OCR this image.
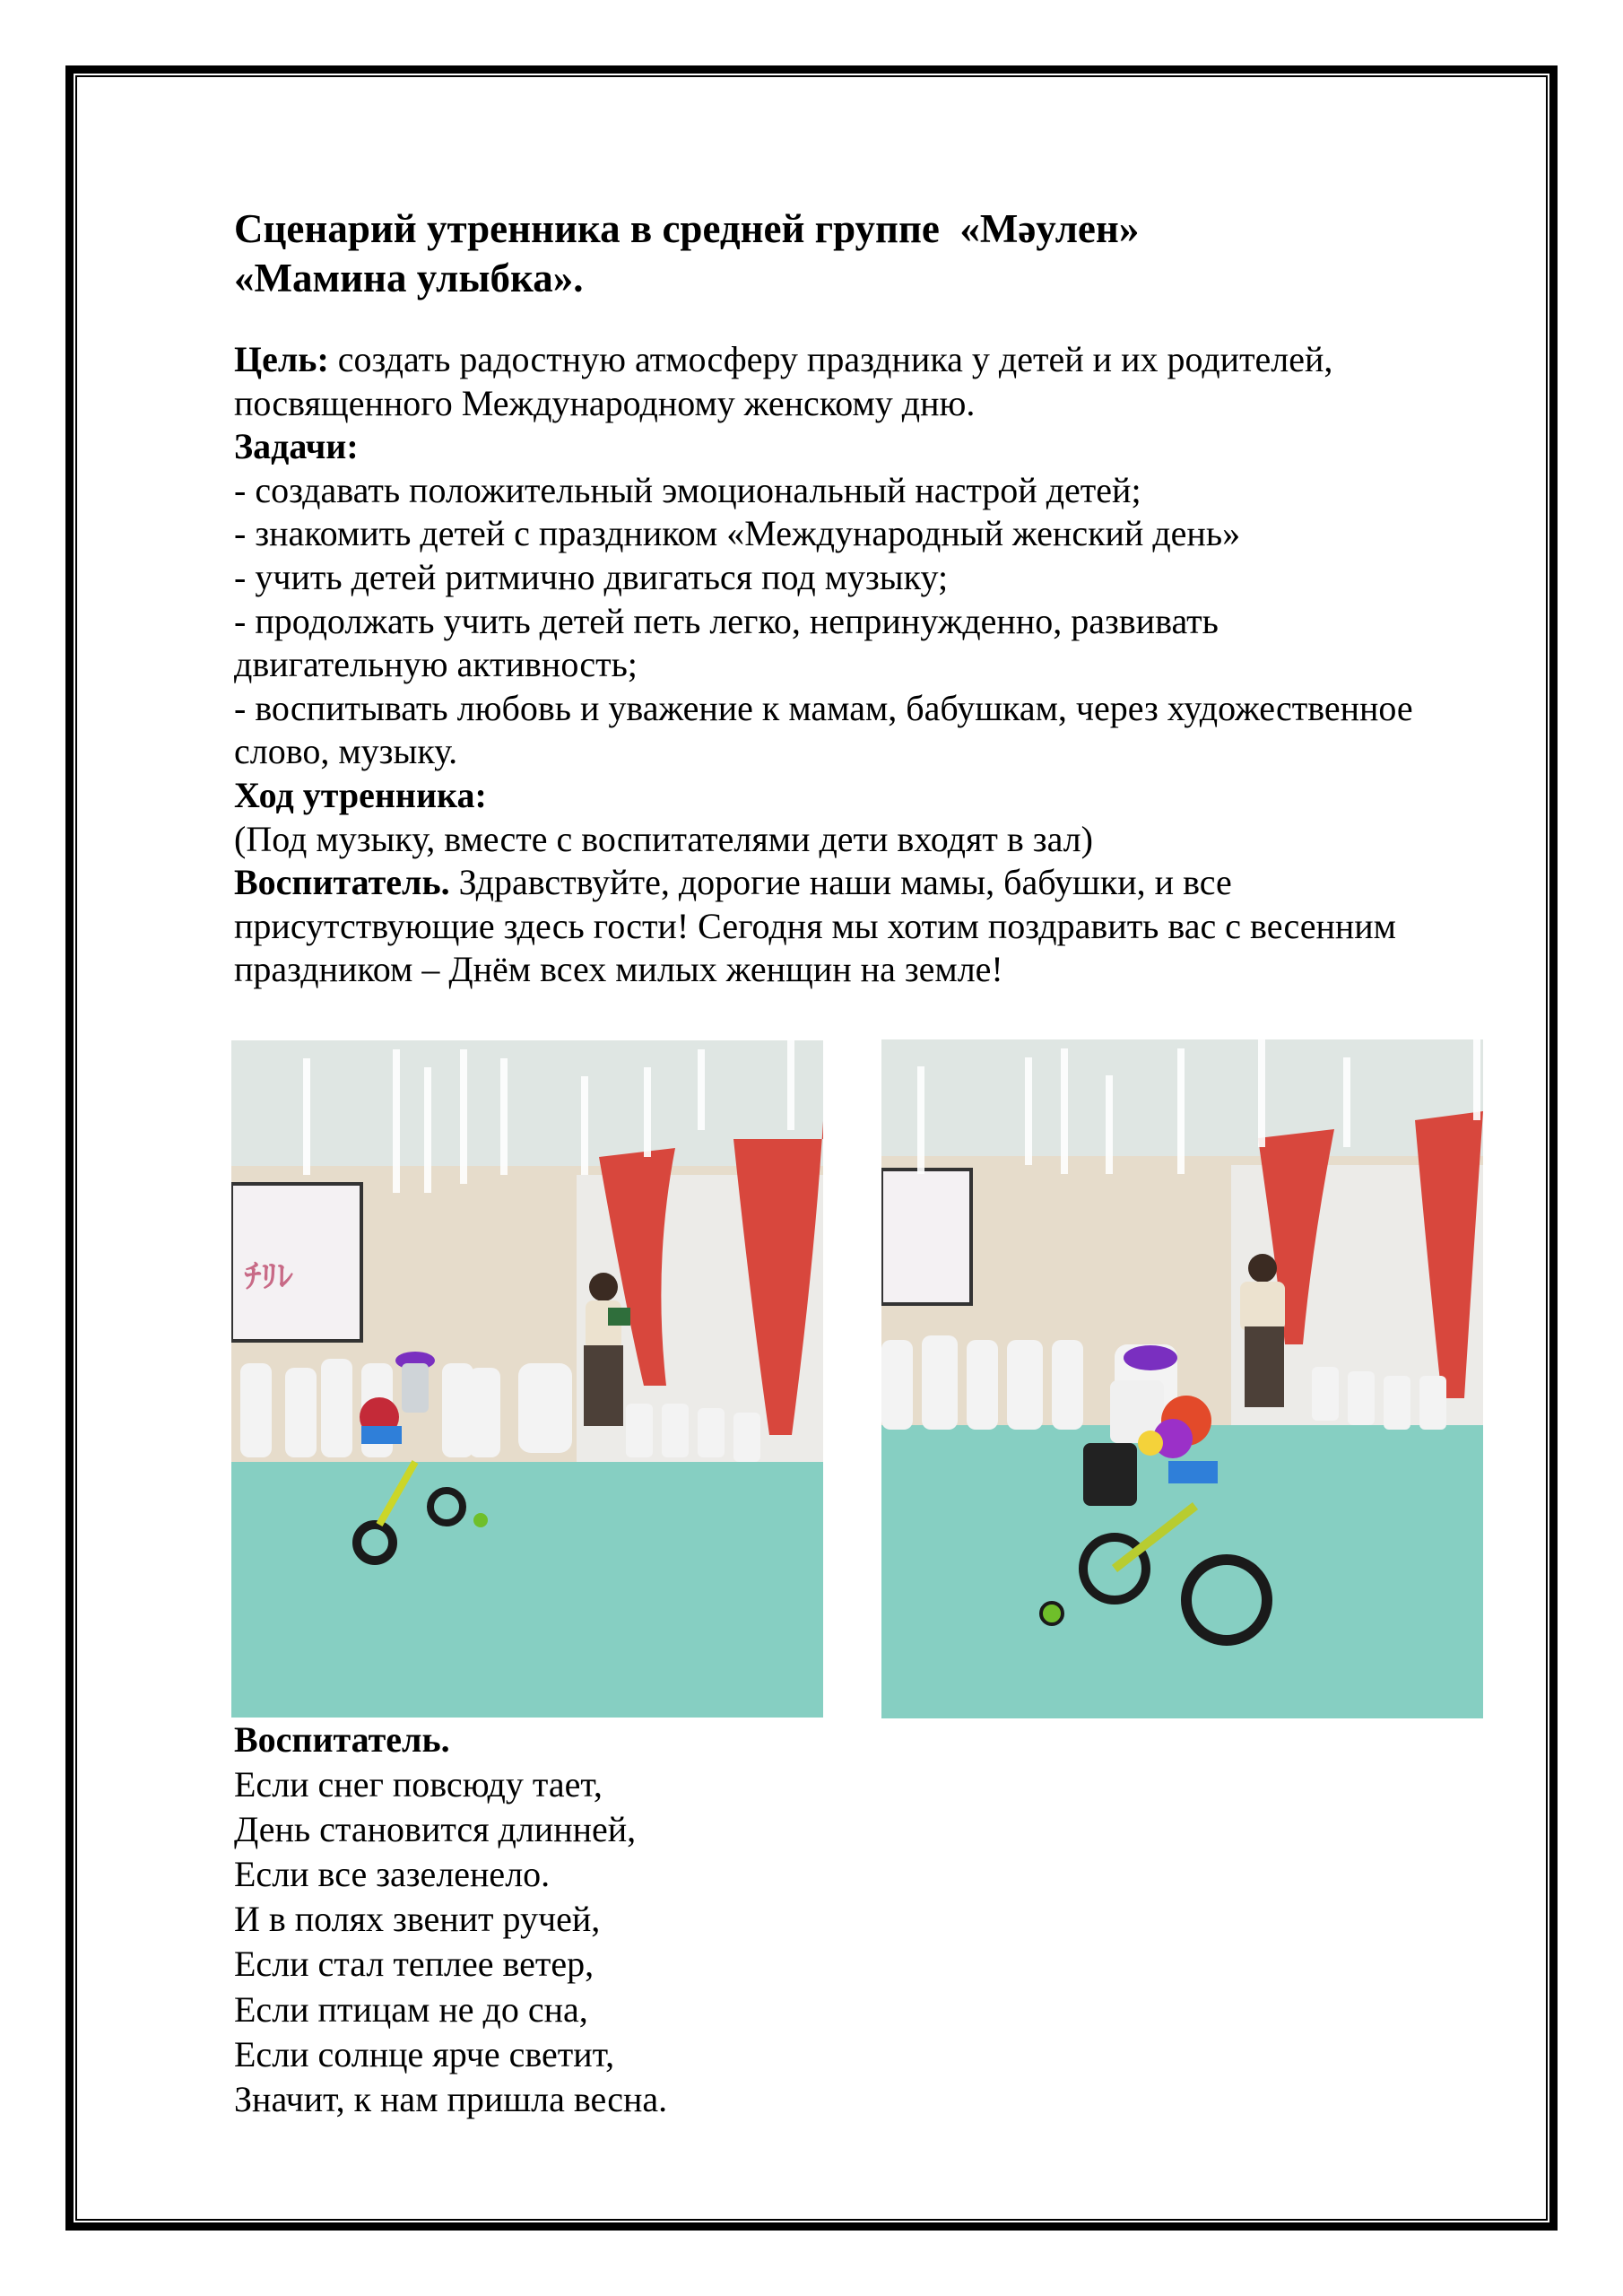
Сценарий утренника в средней группе  «Мәулен»
«Мамина улыбка».
Цель: создать радостную атмосферу праздника у детей и их родителей,
посвященного Международному женскому дню.
Задачи:
- создавать положительный эмоциональный настрой детей;
- знакомить детей с праздником «Международный женский день»
- учить детей ритмично двигаться под музыку;
- продолжать учить детей петь легко, непринужденно, развивать
двигательную активность;
- воспитывать любовь и уважение к мамам, бабушкам, через художественное
слово, музыку.
Ход утренника:
(Под музыку, вместе с воспитателями дети входят в зал)
Воспитатель. Здравствуйте, дорогие наши мамы, бабушки, и все
присутствующие здесь гости! Сегодня мы хотим поздравить вас с весенним
праздником – Днём всех милых женщин на земле!
ﾁﾘﾚ
Воспитатель.
Если снег повсюду тает,
День становится длинней,
Если все зазеленело.
И в полях звенит ручей,
Если стал теплее ветер,
Если птицам не до сна,
Если солнце ярче светит,
Значит, к нам пришла весна.
